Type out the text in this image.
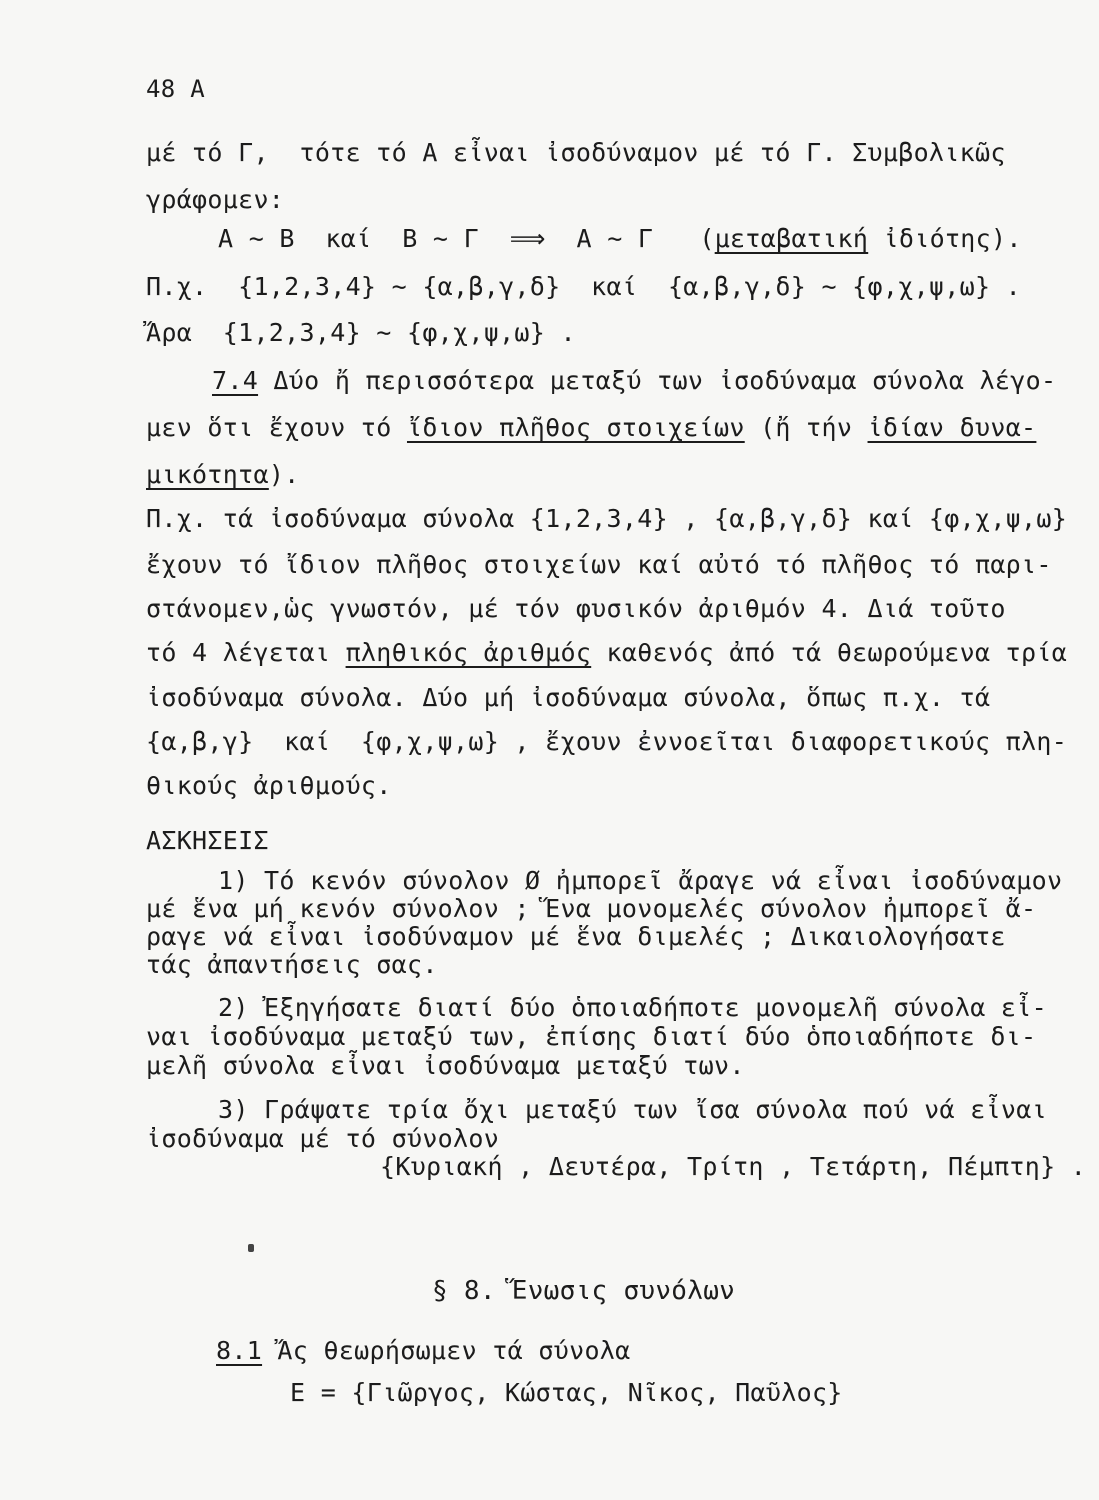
48 Α
μέ τό Γ,  τότε τό Α εἶναι ἰσοδύναμον μέ τό Γ. Συμβολικῶς
γράφομεν:
Α ∼ Β  καί  Β ∼ Γ  ⟹  Α ∼ Γ   (μεταβατική ἰδιότης).
Π.χ.  {1,2,3,4} ∼ {α,β,γ,δ}  καί  {α,β,γ,δ} ∼ {φ,χ,ψ,ω} .
Ἄρα  {1,2,3,4} ∼ {φ,χ,ψ,ω} .
7.4 Δύο ἤ περισσότερα μεταξύ των ἰσοδύναμα σύνολα λέγο-
μεν ὅτι ἔχουν τό ἴδιον πλῆθος στοιχείων (ἤ τήν ἰδίαν δυνα-
μικότητα).
Π.χ. τά ἰσοδύναμα σύνολα {1,2,3,4} , {α,β,γ,δ} καί {φ,χ,ψ,ω}
ἔχουν τό ἴδιον πλῆθος στοιχείων καί αὐτό τό πλῆθος τό παρι-
στάνομεν,ὡς γνωστόν, μέ τόν φυσικόν ἀριθμόν 4. Διά τοῦτο
τό 4 λέγεται πληθικός ἀριθμός καθενός ἀπό τά θεωρούμενα τρία
ἰσοδύναμα σύνολα. Δύο μή ἰσοδύναμα σύνολα, ὅπως π.χ. τά
{α,β,γ}  καί  {φ,χ,ψ,ω} , ἔχουν ἐννοεῖται διαφορετικούς πλη-
θικούς ἀριθμούς.
ΑΣΚΗΣΕΙΣ
1) Τό κενόν σύνολον Ø ἠμπορεῖ ἄραγε νά εἶναι ἰσοδύναμον
μέ ἕνα μή κενόν σύνολον ; Ἕνα μονομελές σύνολον ἠμπορεῖ ἄ-
ραγε νά εἶναι ἰσοδύναμον μέ ἕνα διμελές ; Δικαιολογήσατε
τάς ἀπαντήσεις σας.
2) Ἐξηγήσατε διατί δύο ὁποιαδήποτε μονομελῆ σύνολα εἶ-
ναι ἰσοδύναμα μεταξύ των, ἐπίσης διατί δύο ὁποιαδήποτε δι-
μελῆ σύνολα εἶναι ἰσοδύναμα μεταξύ των.
3) Γράψατε τρία ὄχι μεταξύ των ἴσα σύνολα πού νά εἶναι
ἰσοδύναμα μέ τό σύνολον
{Κυριακή , Δευτέρα, Τρίτη , Τετάρτη, Πέμπτη} .
§ 8. Ἕνωσις συνόλων
8.1 Ἄς θεωρήσωμεν τά σύνολα
Ε = {Γιῶργος, Κώστας, Νῖκος, Παῦλος}
